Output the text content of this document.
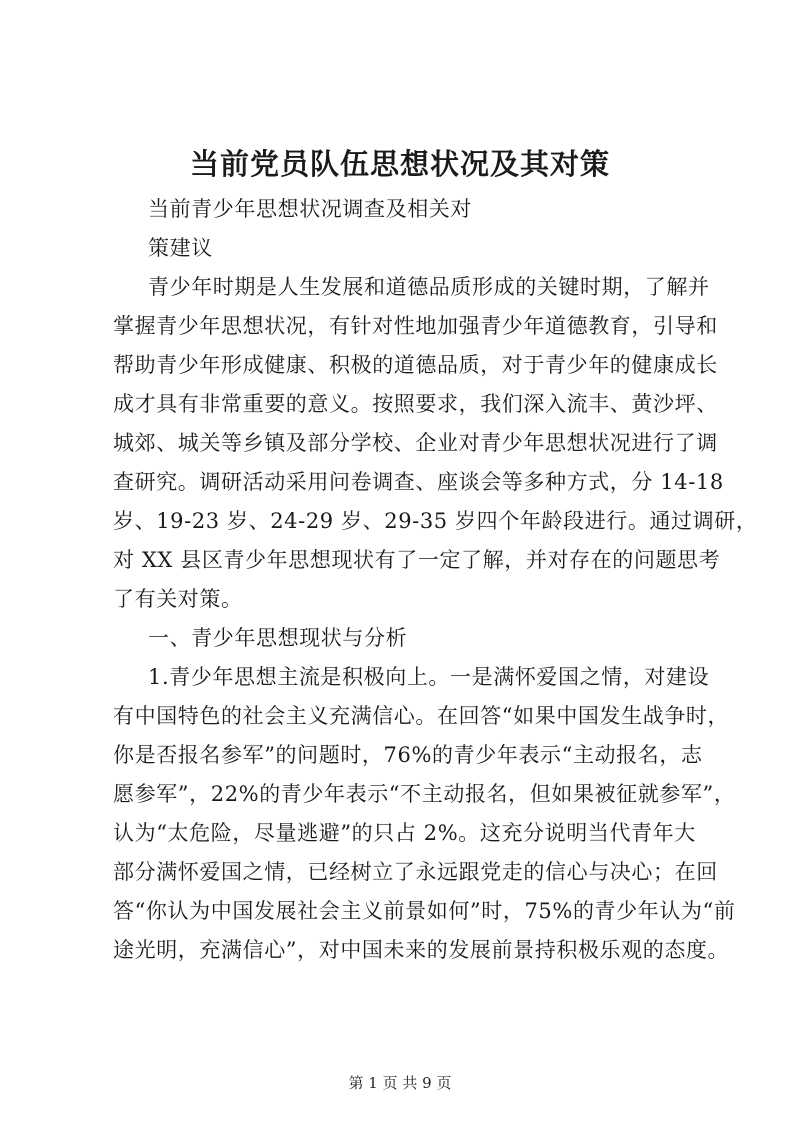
当前党员队伍思想状况及其对策
当前青少年思想状况调查及相关对
策建议
青少年时期是人生发展和道德品质形成的关键时期，了解并
掌握青少年思想状况，有针对性地加强青少年道德教育，引导和
帮助青少年形成健康、积极的道德品质，对于青少年的健康成长
成才具有非常重要的意义。按照要求，我们深入流丰、黄沙坪、
城郊、城关等乡镇及部分学校、企业对青少年思想状况进行了调
查研究。调研活动采用问卷调查、座谈会等多种方式，分 14-18
岁、19-23 岁、24-29 岁、29-35 岁四个年龄段进行。通过调研，
对 XX 县区青少年思想现状有了一定了解，并对存在的问题思考
了有关对策。
一、青少年思想现状与分析
1.青少年思想主流是积极向上。一是满怀爱国之情，对建设
有中国特色的社会主义充满信心。在回答“如果中国发生战争时，
你是否报名参军”的问题时，76%的青少年表示“主动报名，志
愿参军”，22%的青少年表示“不主动报名，但如果被征就参军”，
认为“太危险，尽量逃避”的只占 2%。这充分说明当代青年大
部分满怀爱国之情，已经树立了永远跟党走的信心与决心；在回
答“你认为中国发展社会主义前景如何”时，75%的青少年认为“前
途光明，充满信心”，对中国未来的发展前景持积极乐观的态度。
第 1 页 共 9 页
